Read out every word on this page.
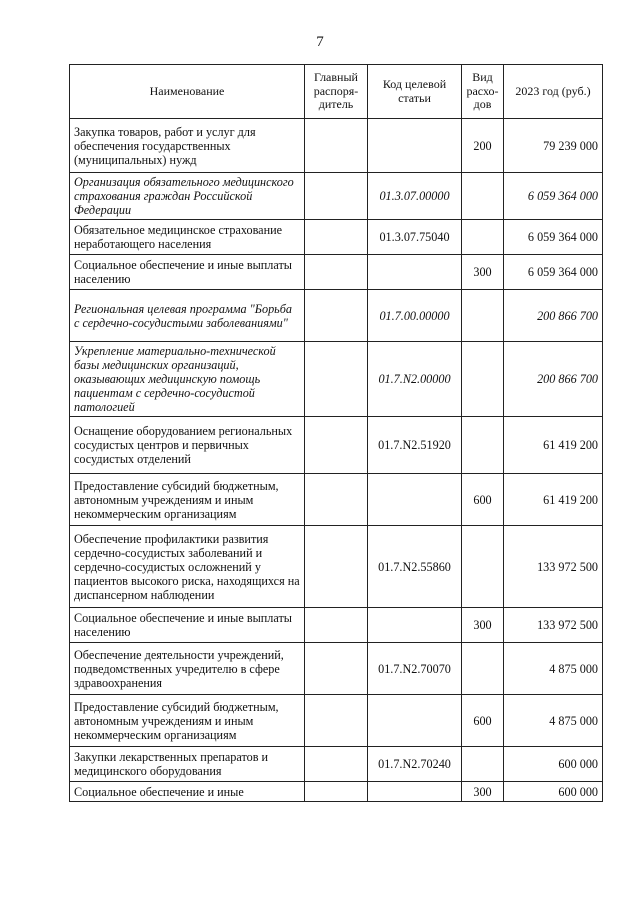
7
Наименование	Главный распоря-дитель	Код целевой статьи	Вид расхо-дов	2023 год (руб.)
Закупка товаров, работ и услуг для обеспечения государственных (муниципальных) нужд			200	79 239 000
Организация обязательного медицинского страхования граждан Российской Федерации		01.3.07.00000		6 059 364 000
Обязательное медицинское страхование неработающего населения		01.3.07.75040		6 059 364 000
Социальное обеспечение и иные выплаты населению			300	6 059 364 000
Региональная целевая программа "Борьба с сердечно-сосудистыми заболеваниями"		01.7.00.00000		200 866 700
Укрепление материально-технической базы медицинских организаций, оказывающих медицинскую помощь пациентам с сердечно-сосудистой патологией		01.7.N2.00000		200 866 700
Оснащение оборудованием региональных сосудистых центров и первичных сосудистых отделений		01.7.N2.51920		61 419 200
Предоставление субсидий бюджетным, автономным учреждениям и иным некоммерческим организациям			600	61 419 200
Обеспечение профилактики развития сердечно-сосудистых заболеваний и сердечно-сосудистых осложнений у пациентов высокого риска, находящихся на диспансерном наблюдении		01.7.N2.55860		133 972 500
Социальное обеспечение и иные выплаты населению			300	133 972 500
Обеспечение деятельности учреждений, подведомственных учредителю в сфере здравоохранения		01.7.N2.70070		4 875 000
Предоставление субсидий бюджетным, автономным учреждениям и иным некоммерческим организациям			600	4 875 000
Закупки лекарственных препаратов и медицинского оборудования		01.7.N2.70240		600 000
Социальное обеспечение и иные			300	600 000
